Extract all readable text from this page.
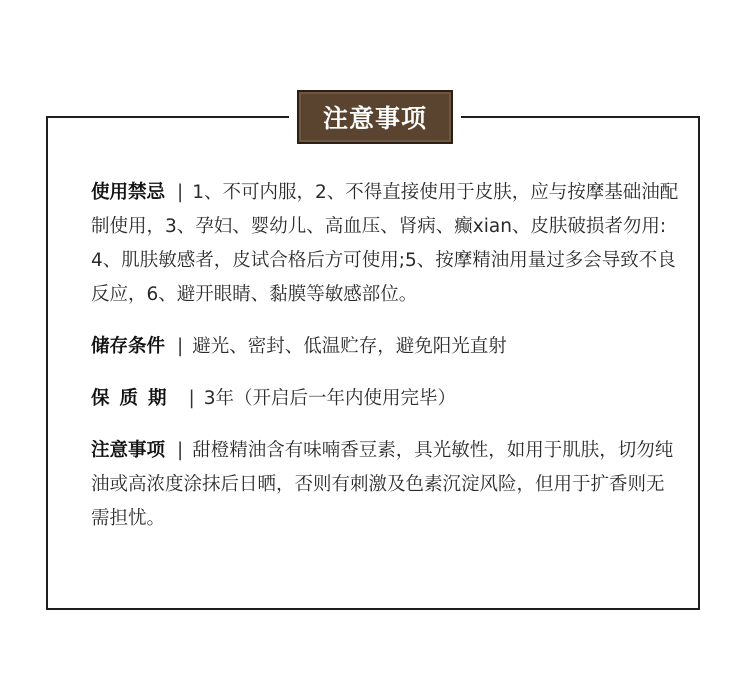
注意事项
使用禁忌 | 1、不可内服，2、不得直接使用于皮肤，应与按摩基础油配制使用，3、孕妇、婴幼儿、高血压、肾病、癫xian、皮肤破损者勿用:4、肌肤敏感者，皮试合格后方可使用;5、按摩精油用量过多会导致不良反应，6、避开眼睛、黏膜等敏感部位。
储存条件 | 避光、密封、低温贮存，避免阳光直射
保质期 | 3年（开启后一年内使用完毕）
注意事项 | 甜橙精油含有味喃香豆素，具光敏性，如用于肌肤，切勿纯油或高浓度涂抹后日晒，否则有刺激及色素沉淀风险，但用于扩香则无需担忧。
